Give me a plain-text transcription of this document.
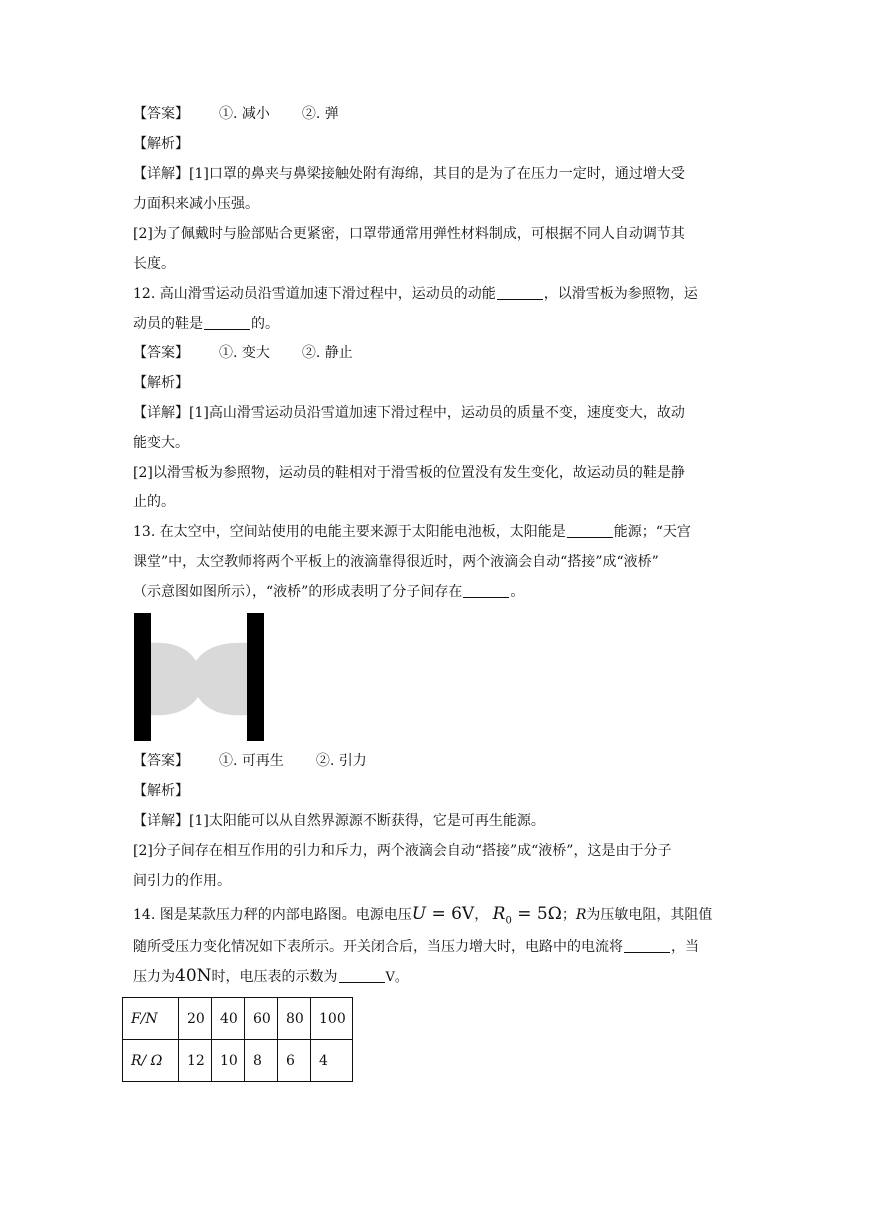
【答案】 ①. 减小 ②. 弹
【解析】
【详解】[1]口罩的鼻夹与鼻梁接触处附有海绵，其目的是为了在压力一定时，通过增大受
力面积来减小压强。
[2]为了佩戴时与脸部贴合更紧密，口罩带通常用弹性材料制成，可根据不同人自动调节其
长度。
12. 高山滑雪运动员沿雪道加速下滑过程中，运动员的动能	，以滑雪板为参照物，运
动员的鞋是	的。
【答案】 ①. 变大 ②. 静止
【解析】
【详解】[1]高山滑雪运动员沿雪道加速下滑过程中，运动员的质量不变，速度变大，故动
能变大。
[2]以滑雪板为参照物，运动员的鞋相对于滑雪板的位置没有发生变化，故运动员的鞋是静
止的。
13. 在太空中，空间站使用的电能主要来源于太阳能电池板，太阳能是	能源；“天宫
课堂”中，太空教师将两个平板上的液滴靠得很近时，两个液滴会自动“搭接”成“液桥”
（示意图如图所示），“液桥”的形成表明了分子间存在	。
【答案】 ①. 可再生 ②. 引力
【解析】
【详解】[1]太阳能可以从自然界源源不断获得，它是可再生能源。
[2]分子间存在相互作用的引力和斥力，两个液滴会自动“搭接”成“液桥”，这是由于分子
间引力的作用。
14. 图是某款压力秤的内部电路图。电源电压U = 6V， $R_0 = 5\Omega$；R为压敏电阻，其阻值
随所受压力变化情况如下表所示。开关闭合后，当压力增大时，电路中的电流将	，当
压力为40N时，电压表的示数为	V。
F/N	20	40	60	80	100
R/ Ω	12	10	8	6	4
